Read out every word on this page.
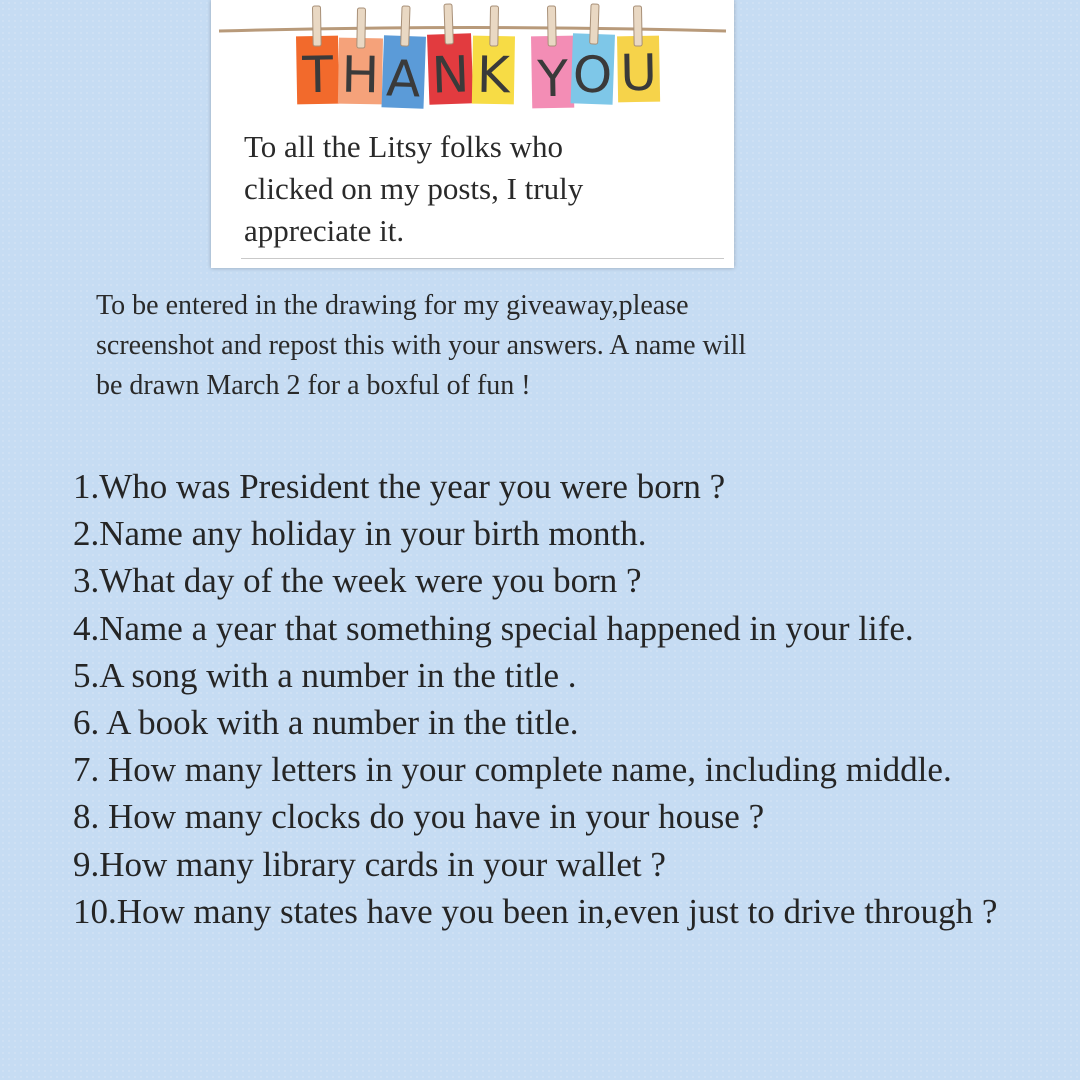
T H A N K Y O U
To all the Litsy folks who
clicked on my posts, I truly
appreciate it.
To be entered in the drawing for my giveaway,please
screenshot and repost this with your answers. A name will
be drawn March 2 for a boxful of fun !
1.Who was President the year you were born ?
2.Name any holiday in your birth month.
3.What day of the week were you born ?
4.Name a year that something special happened in your life.
5.A song with a number in the title .
6. A book with a number in the title.
7. How many letters in your complete name, including middle.
8. How many clocks do you have in your house ?
9.How many library cards in your wallet ?
10.How many states have you been in,even just to drive through ?
